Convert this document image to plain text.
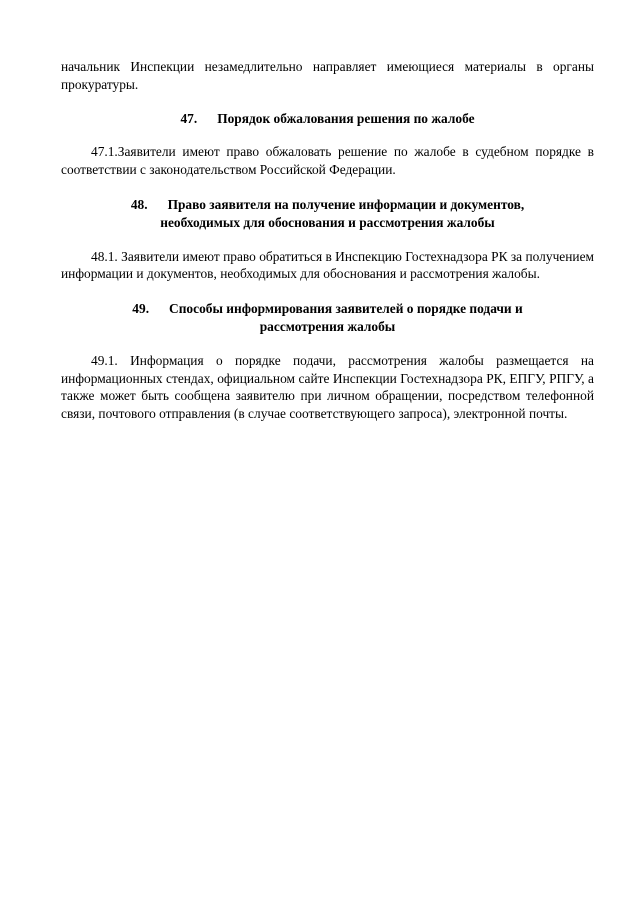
начальник Инспекции незамедлительно направляет имеющиеся материалы в органы прокуратуры.

47. Порядок обжалования решения по жалобе

47.1.Заявители имеют право обжаловать решение по жалобе в судебном порядке в соответствии с законодательством Российской Федерации.

48. Право заявителя на получение информации и документов,
необходимых для обоснования и рассмотрения жалобы

48.1. Заявители имеют право обратиться в Инспекцию Гостехнадзора РК за получением информации и документов, необходимых для обоснования и рассмотрения жалобы.

49. Способы информирования заявителей о порядке подачи и
рассмотрения жалобы

49.1. Информация о порядке подачи, рассмотрения жалобы размещается на информационных стендах, официальном сайте Инспекции Гостехнадзора РК, ЕПГУ, РПГУ, а также может быть сообщена заявителю при личном обращении, посредством телефонной связи, почтового отправления (в случае соответствующего запроса), электронной почты.
